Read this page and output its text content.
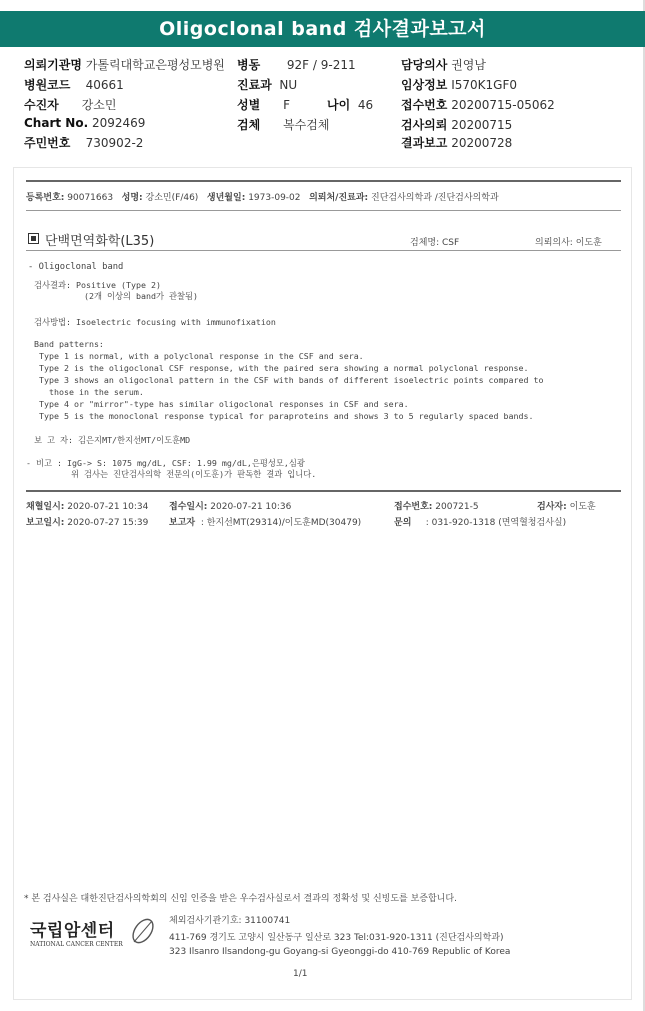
Oligoclonal band 검사결과보고서
의뢰기관명 가톨릭대학교은평성모병원
병원코드 40661
수진자 강소민
Chart No. 2092469
주민번호 730902-2
병동 92F / 9-211
진료과 NU
성별 F	나이 46
검체 복수검체
담당의사 권영남
임상정보 I570K1GF0
접수번호 20200715-05062
검사의뢰 20200715
결과보고 20200728
등록번호: 90071663 성명: 강소민(F/46) 생년월일: 1973-09-02 의뢰처/진료과: 진단검사의학과 /진단검사의학과
단백면역화학(L35)	검체명: CSF	의뢰의사: 이도훈
- Oligoclonal band
검사결과: Positive (Type 2)
(2개 이상의 band가 관찰됨)
검사방법: Isoelectric focusing with immunofixation
Band patterns:
Type 1 is normal, with a polyclonal response in the CSF and sera.
Type 2 is the oligoclonal CSF response, with the paired sera showing a normal polyclonal response.
Type 3 shows an oligoclonal pattern in the CSF with bands of different isoelectric points compared to
those in the serum.
Type 4 or "mirror"-type has similar oligoclonal responses in CSF and sera.
Type 5 is the monoclonal response typical for paraproteins and shows 3 to 5 regularly spaced bands.
보 고 자: 김은지MT/한지선MT/이도훈MD
- 비고 : IgG-> S: 1075 mg/dL, CSF: 1.99 mg/dL,은평성모,심광
위 검사는 진단검사의학 전문의(이도훈)가 판독한 결과 입니다.
채혈일시: 2020-07-21 10:34 접수일시: 2020-07-21 10:36	접수번호: 200721-5	검사자: 이도훈
보고일시: 2020-07-27 15:39 보고자 : 한지선MT(29314)/이도훈MD(30479)	문의 : 031-920-1318 (면역혈청검사실)
* 본 검사실은 대한진단검사의학회의 신임 인증을 받은 우수검사실로서 결과의 정확성 및 신빙도를 보증합니다.
국립암센터
NATIONAL CANCER CENTER
체외검사기관기호: 31100741
411-769 경기도 고양시 일산동구 일산로 323 Tel:031-920-1311 (진단검사의학과)
323 Ilsanro Ilsandong-gu Goyang-si Gyeonggi-do 410-769 Republic of Korea
1/1
